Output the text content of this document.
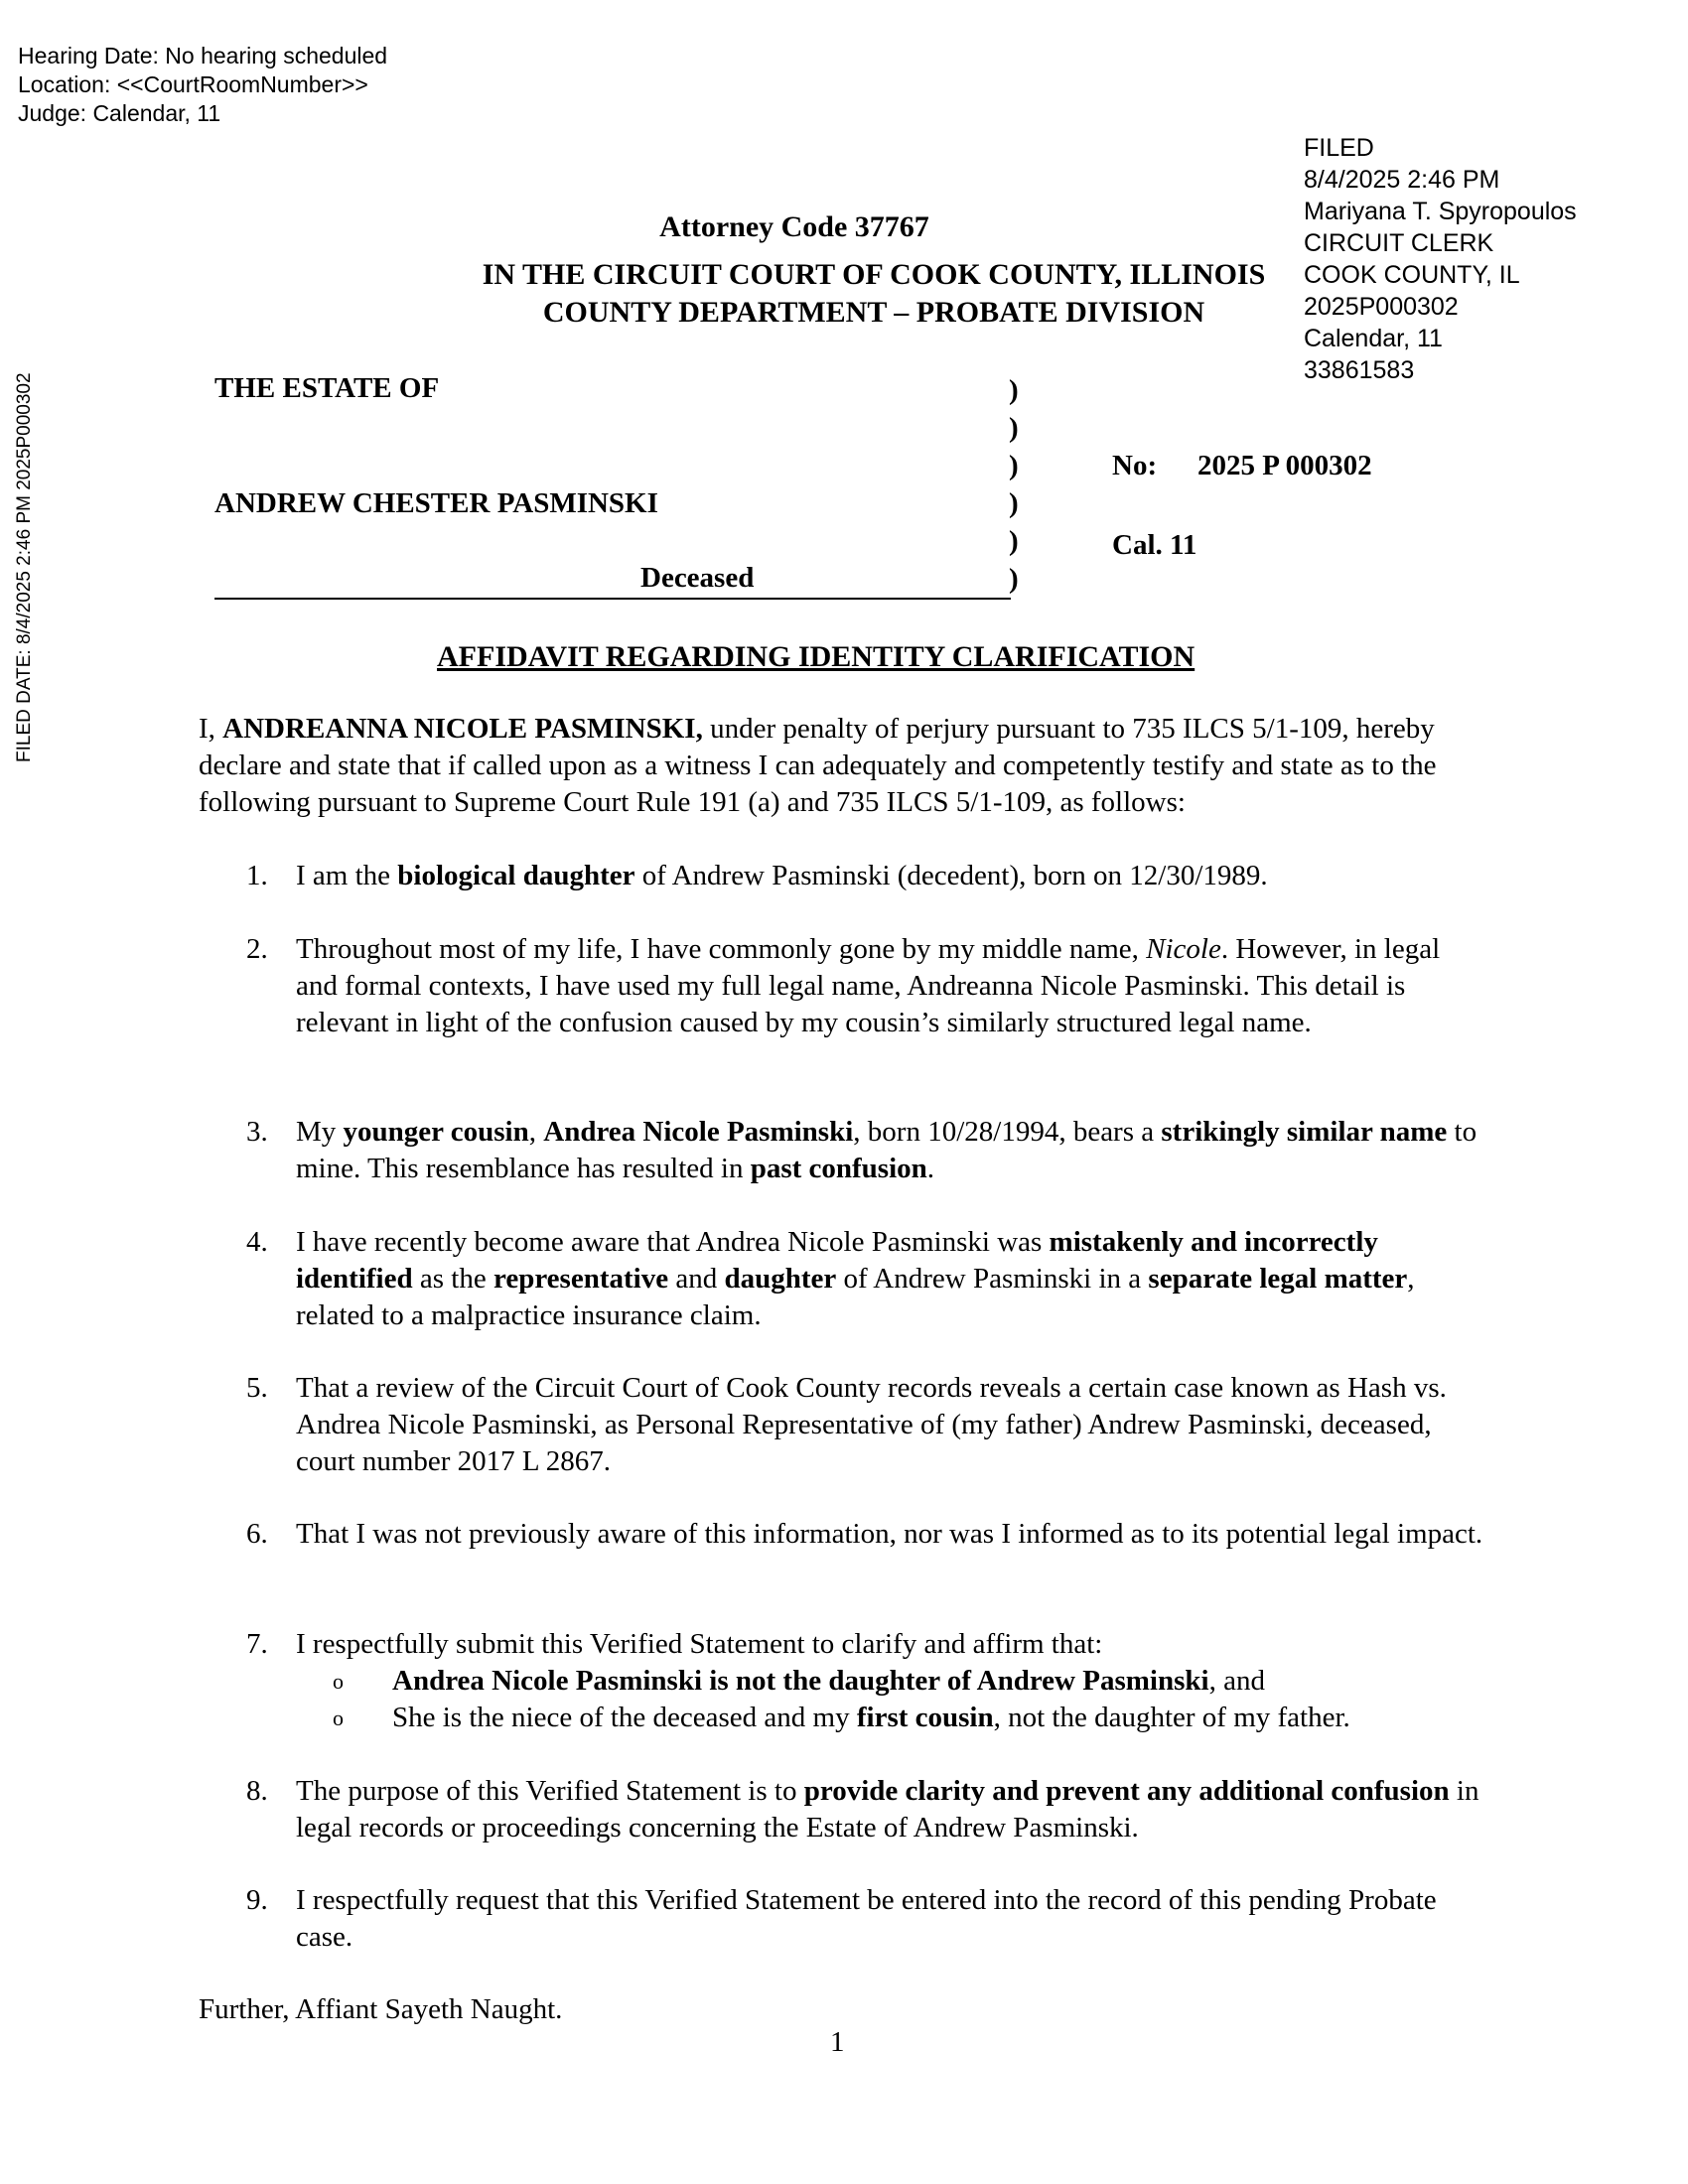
Hearing Date: No hearing scheduled
Location: <<CourtRoomNumber>>
Judge: Calendar, 11
FILED
8/4/2025 2:46 PM
Mariyana T. Spyropoulos
CIRCUIT CLERK
COOK COUNTY, IL
2025P000302
Calendar, 11
33861583
FILED DATE: 8/4/2025 2:46 PM 2025P000302
Attorney Code 37767
IN THE CIRCUIT COURT OF COOK COUNTY, ILLINOIS
COUNTY DEPARTMENT – PROBATE DIVISION
THE ESTATE OF
ANDREW CHESTER PASMINSKI
Deceased
)
)
)
)
)
)
No: 2025 P 000302
Cal. 11
AFFIDAVIT REGARDING IDENTITY CLARIFICATION
I, ANDREANNA NICOLE PASMINSKI, under penalty of perjury pursuant to 735 ILCS 5/1-109, hereby declare and state that if called upon as a witness I can adequately and competently testify and state as to the following pursuant to Supreme Court Rule 191 (a) and 735 ILCS 5/1-109, as follows:
1. I am the biological daughter of Andrew Pasminski (decedent), born on 12/30/1989.
2. Throughout most of my life, I have commonly gone by my middle name, Nicole. However, in legal and formal contexts, I have used my full legal name, Andreanna Nicole Pasminski. This detail is relevant in light of the confusion caused by my cousin’s similarly structured legal name.
3. My younger cousin, Andrea Nicole Pasminski, born 10/28/1994, bears a strikingly similar name to mine. This resemblance has resulted in past confusion.
4. I have recently become aware that Andrea Nicole Pasminski was mistakenly and incorrectly identified as the representative and daughter of Andrew Pasminski in a separate legal matter, related to a malpractice insurance claim.
5. That a review of the Circuit Court of Cook County records reveals a certain case known as Hash vs. Andrea Nicole Pasminski, as Personal Representative of (my father) Andrew Pasminski, deceased, court number 2017 L 2867.
6. That I was not previously aware of this information, nor was I informed as to its potential legal impact.
7. I respectfully submit this Verified Statement to clarify and affirm that:
o Andrea Nicole Pasminski is not the daughter of Andrew Pasminski, and
o She is the niece of the deceased and my first cousin, not the daughter of my father.
8. The purpose of this Verified Statement is to provide clarity and prevent any additional confusion in legal records or proceedings concerning the Estate of Andrew Pasminski.
9. I respectfully request that this Verified Statement be entered into the record of this pending Probate case.
Further, Affiant Sayeth Naught.
1
